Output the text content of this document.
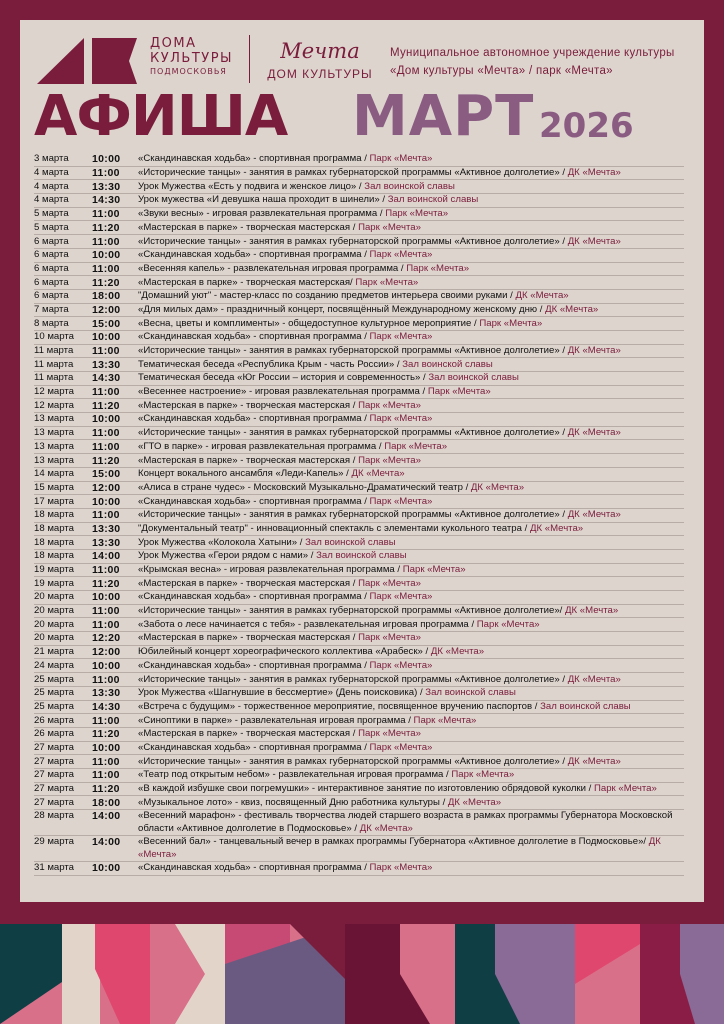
ДОМА
КУЛЬТУРЫ
ПОДМОСКОВЬЯ
Мечта
ДОМ КУЛЬТУРЫ
Муниципальное автономное учреждение культуры
«Дом культуры «Мечта» / парк «Мечта»
АФИША МАРТ 2026
3 марта	10:00	«Скандинавская ходьба» - спортивная программа / Парк «Мечта»
4 марта	11:00	«Исторические танцы» - занятия в рамках губернаторской программы «Активное долголетие» / ДК «Мечта»
4 марта	13:30	Урок Мужества «Есть у подвига и женское лицо» / Зал воинской славы
4 марта	14:30	Урок мужества «И девушка наша проходит в шинели» / Зал воинской славы
5 марта	11:00	«Звуки весны» - игровая развлекательная программа / Парк «Мечта»
5 марта	11:20	«Мастерская в парке» - творческая мастерская / Парк «Мечта»
6 марта	11:00	«Исторические танцы» - занятия в рамках губернаторской программы «Активное долголетие» / ДК «Мечта»
6 марта	10:00	«Скандинавская ходьба» - спортивная программа / Парк «Мечта»
6 марта	11:00	«Весенняя капель» - развлекательная игровая программа / Парк «Мечта»
6 марта	11:20	«Мастерская в парке» - творческая мастерская/ Парк «Мечта»
6 марта	18:00	"Домашний уют" - мастер-класс по созданию предметов интерьера своими руками / ДК «Мечта»
7 марта	12:00	«Для милых дам» - праздничный концерт, посвящённый Международному женскому дню / ДК «Мечта»
8 марта	15:00	«Весна, цветы и комплименты» - общедоступное культурное мероприятие / Парк «Мечта»
10 марта	10:00	«Скандинавская ходьба» - спортивная программа / Парк «Мечта»
11 марта	11:00	«Исторические танцы» - занятия в рамках губернаторской программы «Активное долголетие» / ДК «Мечта»
11 марта	13:30	Тематическая беседа «Республика Крым - часть России» / Зал воинской славы
11 марта	14:30	Тематическая беседа «Юг России – история и современность» / Зал воинской славы
12 марта	11:00	«Весеннее настроение» - игровая развлекательная программа / Парк «Мечта»
12 марта	11:20	«Мастерская в парке» - творческая мастерская / Парк «Мечта»
13 марта	10:00	«Скандинавская ходьба» - спортивная программа / Парк «Мечта»
13 марта	11:00	«Исторические танцы» - занятия в рамках губернаторской программы «Активное долголетие» / ДК «Мечта»
13 марта	11:00	«ГТО в парке» - игровая развлекательная программа / Парк «Мечта»
13 марта	11:20	«Мастерская в парке» - творческая мастерская / Парк «Мечта»
14 марта	15:00	Концерт вокального ансамбля «Леди-Капель» / ДК «Мечта»
15 марта	12:00	«Алиса в стране чудес» - Московский Музыкально-Драматический театр / ДК «Мечта»
17 марта	10:00	«Скандинавская ходьба» - спортивная программа / Парк «Мечта»
18 марта	11:00	«Исторические танцы» - занятия в рамках губернаторской программы «Активное долголетие» / ДК «Мечта»
18 марта	13:30	"Документальный театр" - инновационный спектакль с элементами кукольного театра / ДК «Мечта»
18 марта	13:30	Урок Мужества «Колокола Хатыни» / Зал воинской славы
18 марта	14:00	Урок Мужества «Герои рядом с нами» / Зал воинской славы
19 марта	11:00	«Крымская весна» - игровая развлекательная программа / Парк «Мечта»
19 марта	11:20	«Мастерская в парке» - творческая мастерская / Парк «Мечта»
20 марта	10:00	«Скандинавская ходьба» - спортивная программа / Парк «Мечта»
20 марта	11:00	«Исторические танцы» - занятия в рамках губернаторской программы «Активное долголетие»/ ДК «Мечта»
20 марта	11:00	«Забота о лесе начинается с тебя» - развлекательная игровая программа / Парк «Мечта»
20 марта	12:20	«Мастерская в парке» - творческая мастерская / Парк «Мечта»
21 марта	12:00	Юбилейный концерт хореографического коллектива «Арабеск» / ДК «Мечта»
24 марта	10:00	«Скандинавская ходьба» - спортивная программа / Парк «Мечта»
25 марта	11:00	«Исторические танцы» - занятия в рамках губернаторской программы «Активное долголетие» / ДК «Мечта»
25 марта	13:30	Урок Мужества «Шагнувшие в бессмертие» (День поисковика) / Зал воинской славы
25 марта	14:30	«Встреча с будущим» - торжественное мероприятие, посвященное вручению паспортов / Зал воинской славы
26 марта	11:00	«Синоптики в парке» - развлекательная игровая программа / Парк «Мечта»
26 марта	11:20	«Мастерская в парке» - творческая мастерская / Парк «Мечта»
27 марта	10:00	«Скандинавская ходьба» - спортивная программа / Парк «Мечта»
27 марта	11:00	«Исторические танцы» - занятия в рамках губернаторской программы «Активное долголетие» / ДК «Мечта»
27 марта	11:00	«Театр под открытым небом» - развлекательная игровая программа / Парк «Мечта»
27 марта	11:20	«В каждой избушке свои погремушки» - интерактивное занятие по изготовлению обрядовой куколки / Парк «Мечта»
27 марта	18:00	«Музыкальное лото» - квиз, посвященный Дню работника культуры / ДК «Мечта»
28 марта	14:00	«Весенний марафон» - фестиваль творчества людей старшего возраста в рамках программы Губернатора Московской области «Активное долголетие в Подмосковье» / ДК «Мечта»
29 марта	14:00	«Весенний бал» - танцевальный вечер в рамках программы Губернатора «Активное долголетие в Подмосковье»/ ДК «Мечта»
31 марта	10:00	«Скандинавская ходьба» - спортивная программа / Парк «Мечта»
